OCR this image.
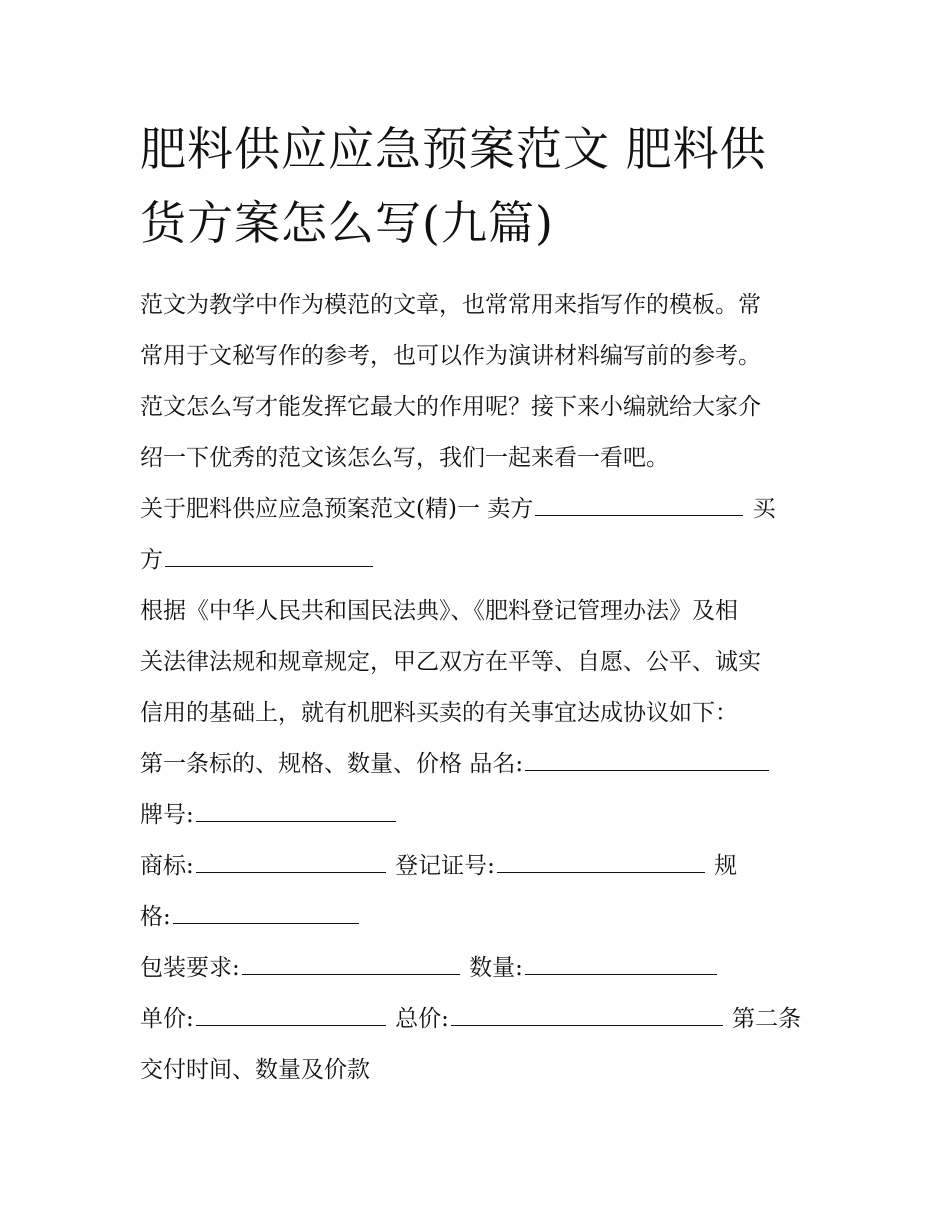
肥料供应应急预案范文 肥料供
货方案怎么写(九篇)

范文为教学中作为模范的文章，也常常用来指写作的模板。常
常用于文秘写作的参考，也可以作为演讲材料编写前的参考。
范文怎么写才能发挥它最大的作用呢？接下来小编就给大家介
绍一下优秀的范文该怎么写，我们一起来看一看吧。

关于肥料供应应急预案范文(精)一 卖方	买
方

根据《中华人民共和国民法典》、《肥料登记管理办法》及相
关法律法规和规章规定，甲乙双方在平等、自愿、公平、诚实
信用的基础上，就有机肥料买卖的有关事宜达成协议如下：

第一条标的、规格、数量、价格 品名:
牌号:
商标:	登记证号:	规
格:
包装要求:	数量:
单价:	总价:	第二条
交付时间、数量及价款
